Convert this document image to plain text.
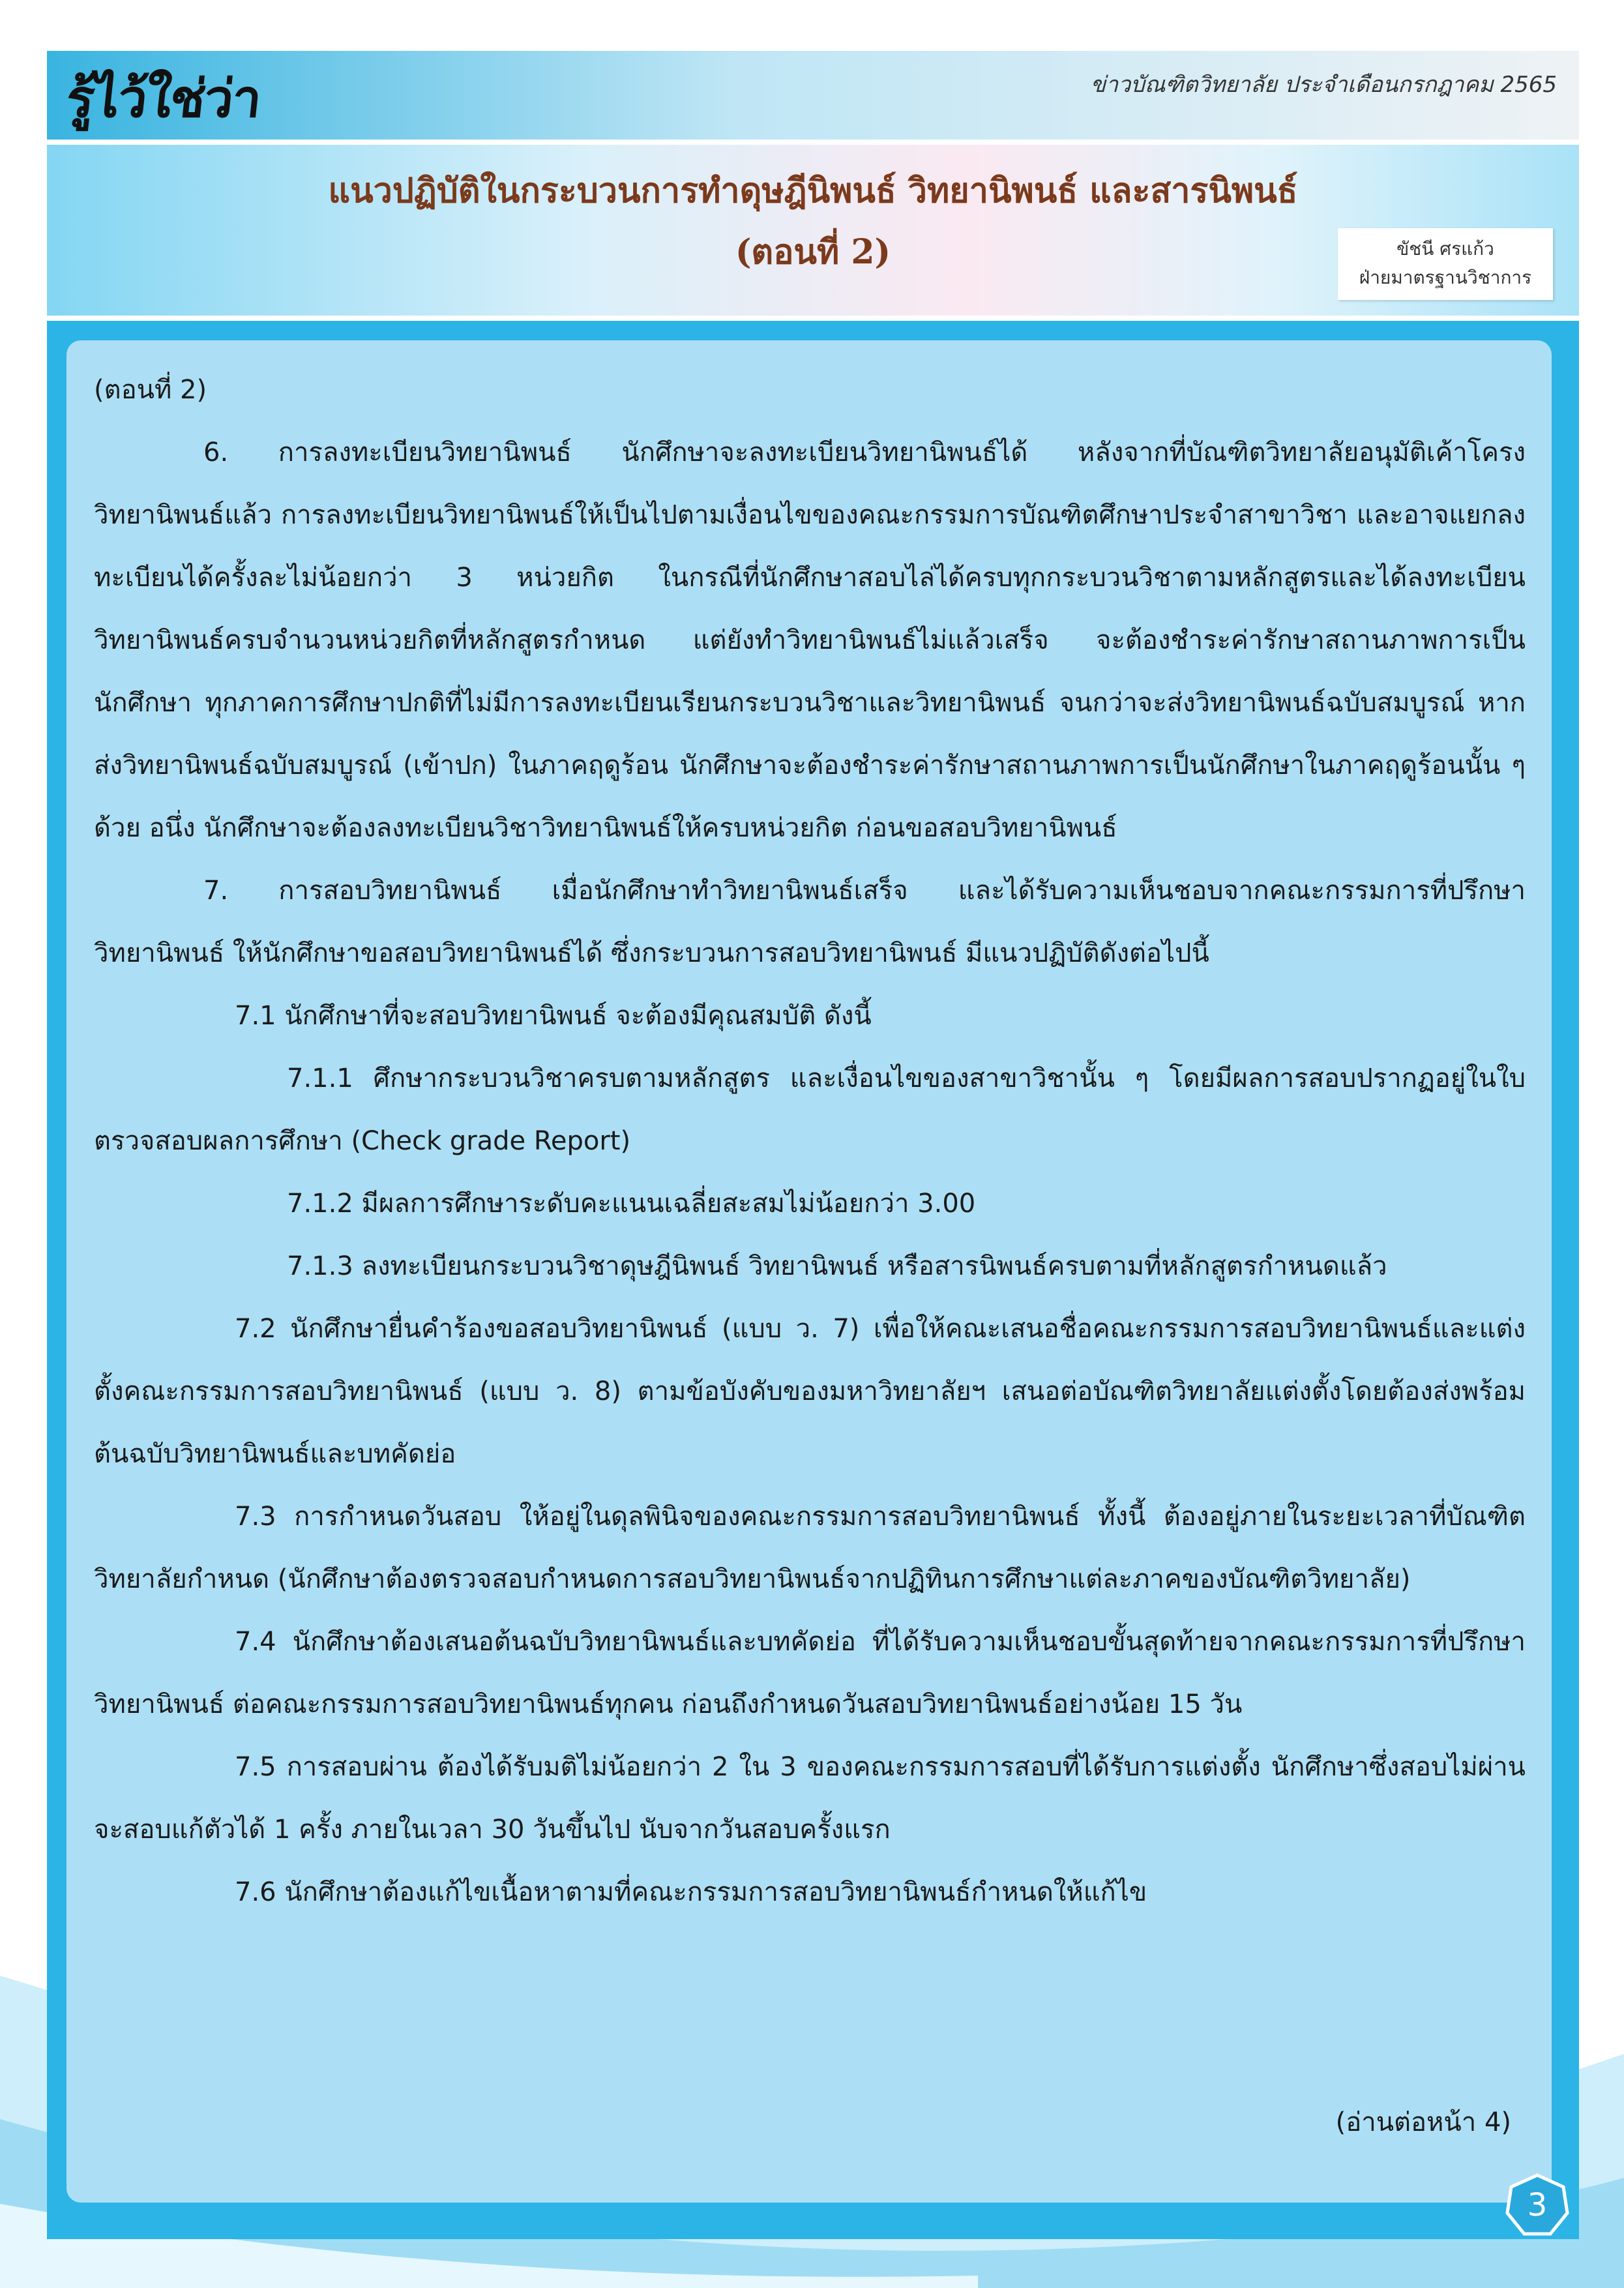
รู้ไว้ใช่ว่า	ข่าวบัณฑิตวิทยาลัย ประจำเดือนกรกฎาคม 2565
แนวปฏิบัติในกระบวนการทำดุษฎีนิพนธ์ วิทยานิพนธ์ และสารนิพนธ์
(ตอนที่ 2)	ขัชนี ศรแก้ว
ฝ่ายมาตรฐานวิชาการ

(ตอนที่ 2)

6. การลงทะเบียนวิทยานิพนธ์ นักศึกษาจะลงทะเบียนวิทยานิพนธ์ได้ หลังจากที่บัณฑิตวิทยาลัยอนุมัติเค้าโครงวิทยานิพนธ์แล้ว การลงทะเบียนวิทยานิพนธ์ให้เป็นไปตามเงื่อนไขของคณะกรรมการบัณฑิตศึกษาประจำสาขาวิชา และอาจแยกลงทะเบียนได้ครั้งละไม่น้อยกว่า 3 หน่วยกิต ในกรณีที่นักศึกษาสอบไล่ได้ครบทุกกระบวนวิชาตามหลักสูตรและได้ลงทะเบียนวิทยานิพนธ์ครบจำนวนหน่วยกิตที่หลักสูตรกำหนด แต่ยังทำวิทยานิพนธ์ไม่แล้วเสร็จ จะต้องชำระค่ารักษาสถานภาพการเป็นนักศึกษา ทุกภาคการศึกษาปกติที่ไม่มีการลงทะเบียนเรียนกระบวนวิชาและวิทยานิพนธ์ จนกว่าจะส่งวิทยานิพนธ์ฉบับสมบูรณ์ หากส่งวิทยานิพนธ์ฉบับสมบูรณ์ (เข้าปก) ในภาคฤดูร้อน นักศึกษาจะต้องชำระค่ารักษาสถานภาพการเป็นนักศึกษาในภาคฤดูร้อนนั้น ๆ ด้วย อนึ่ง นักศึกษาจะต้องลงทะเบียนวิชาวิทยานิพนธ์ให้ครบหน่วยกิต ก่อนขอสอบวิทยานิพนธ์

7. การสอบวิทยานิพนธ์ เมื่อนักศึกษาทำวิทยานิพนธ์เสร็จ และได้รับความเห็นชอบจากคณะกรรมการที่ปรึกษาวิทยานิพนธ์ ให้นักศึกษาขอสอบวิทยานิพนธ์ได้ ซึ่งกระบวนการสอบวิทยานิพนธ์ มีแนวปฏิบัติดังต่อไปนี้

7.1 นักศึกษาที่จะสอบวิทยานิพนธ์ จะต้องมีคุณสมบัติ ดังนี้

7.1.1 ศึกษากระบวนวิชาครบตามหลักสูตร และเงื่อนไขของสาขาวิชานั้น ๆ โดยมีผลการสอบปรากฏอยู่ในใบตรวจสอบผลการศึกษา (Check grade Report)

7.1.2 มีผลการศึกษาระดับคะแนนเฉลี่ยสะสมไม่น้อยกว่า 3.00

7.1.3 ลงทะเบียนกระบวนวิชาดุษฎีนิพนธ์ วิทยานิพนธ์ หรือสารนิพนธ์ครบตามที่หลักสูตรกำหนดแล้ว

7.2 นักศึกษายื่นคำร้องขอสอบวิทยานิพนธ์ (แบบ ว. 7) เพื่อให้คณะเสนอชื่อคณะกรรมการสอบวิทยานิพนธ์และแต่งตั้งคณะกรรมการสอบวิทยานิพนธ์ (แบบ ว. 8) ตามข้อบังคับของมหาวิทยาลัยฯ เสนอต่อบัณฑิตวิทยาลัยแต่งตั้งโดยต้องส่งพร้อมต้นฉบับวิทยานิพนธ์และบทคัดย่อ

7.3 การกำหนดวันสอบ ให้อยู่ในดุลพินิจของคณะกรรมการสอบวิทยานิพนธ์ ทั้งนี้ ต้องอยู่ภายในระยะเวลาที่บัณฑิตวิทยาลัยกำหนด (นักศึกษาต้องตรวจสอบกำหนดการสอบวิทยานิพนธ์จากปฏิทินการศึกษาแต่ละภาคของบัณฑิตวิทยาลัย)

7.4 นักศึกษาต้องเสนอต้นฉบับวิทยานิพนธ์และบทคัดย่อ ที่ได้รับความเห็นชอบขั้นสุดท้ายจากคณะกรรมการที่ปรึกษาวิทยานิพนธ์ ต่อคณะกรรมการสอบวิทยานิพนธ์ทุกคน ก่อนถึงกำหนดวันสอบวิทยานิพนธ์อย่างน้อย 15 วัน

7.5 การสอบผ่าน ต้องได้รับมติไม่น้อยกว่า 2 ใน 3 ของคณะกรรมการสอบที่ได้รับการแต่งตั้ง นักศึกษาซึ่งสอบไม่ผ่านจะสอบแก้ตัวได้ 1 ครั้ง ภายในเวลา 30 วันขึ้นไป นับจากวันสอบครั้งแรก

7.6 นักศึกษาต้องแก้ไขเนื้อหาตามที่คณะกรรมการสอบวิทยานิพนธ์กำหนดให้แก้ไข

(อ่านต่อหน้า 4)
3
